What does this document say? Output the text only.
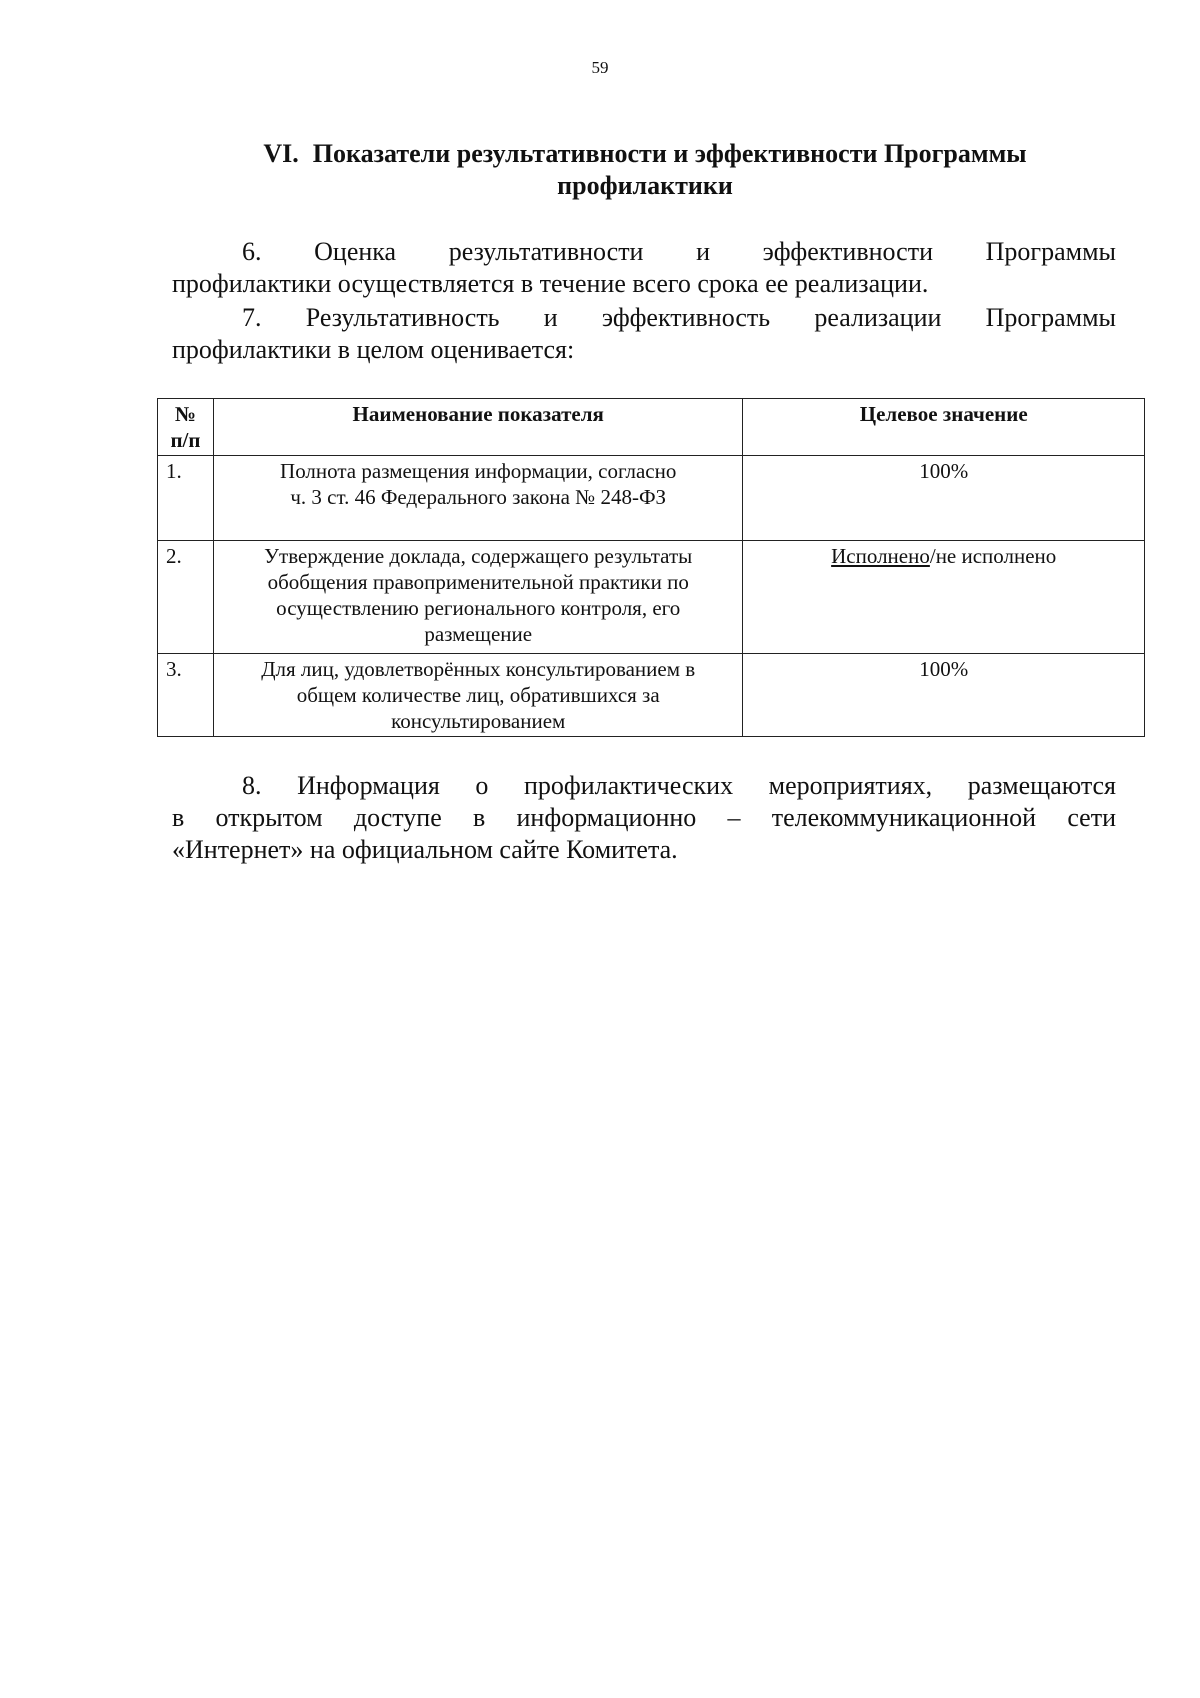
59
VI. Показатели результативности и эффективности Программы
профилактики
6. Оценка результативности и эффективности Программы
профилактики осуществляется в течение всего срока ее реализации.
7. Результативность и эффективность реализации Программы
профилактики в целом оценивается:
№
п/п	Наименование показателя	Целевое значение
1.	Полнота размещения информации, согласно
ч. 3 ст. 46 Федерального закона № 248-ФЗ	100%
2.	Утверждение доклада, содержащего результаты
обобщения правоприменительной практики по
осуществлению регионального контроля, его
размещение	Исполнено/не исполнено
3.	Для лиц, удовлетворённых консультированием в
общем количестве лиц, обратившихся за
консультированием	100%
8. Информация о профилактических мероприятиях, размещаются
в открытом доступе в информационно – телекоммуникационной сети
«Интернет» на официальном сайте Комитета.
